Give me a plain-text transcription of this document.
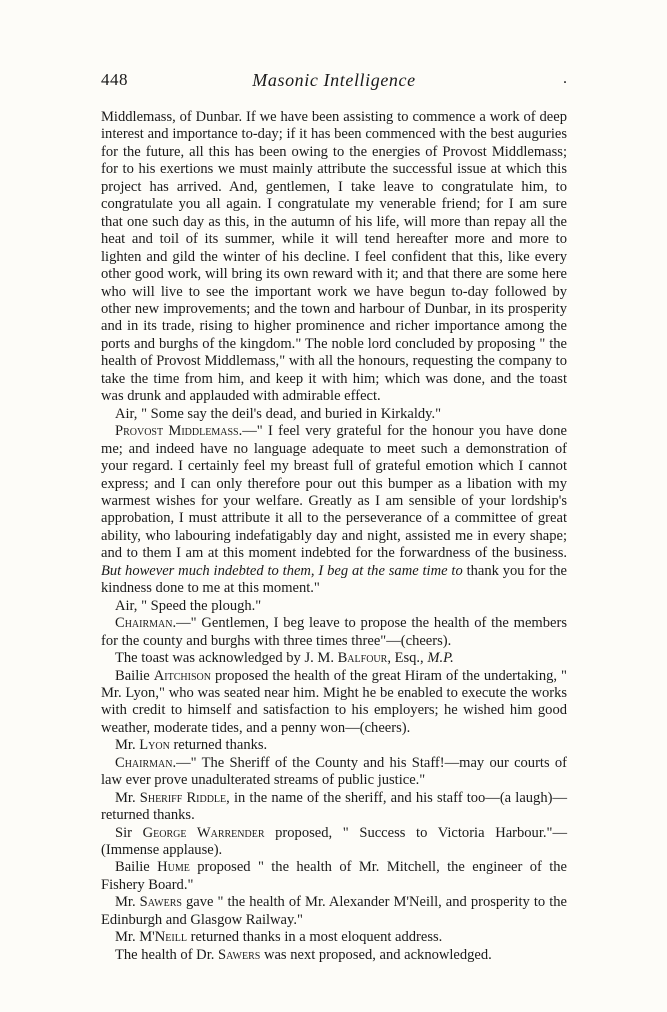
448	Masonic Intelligence	.

Middlemass, of Dunbar. If we have been assisting to commence a work of deep interest and importance to-day; if it has been commenced with the best auguries for the future, all this has been owing to the energies of Provost Middlemass; for to his exertions we must mainly attribute the successful issue at which this project has arrived. And, gentlemen, I take leave to congratulate him, to congratulate you all again. I congratulate my venerable friend; for I am sure that one such day as this, in the autumn of his life, will more than repay all the heat and toil of its summer, while it will tend hereafter more and more to lighten and gild the winter of his decline. I feel confident that this, like every other good work, will bring its own reward with it; and that there are some here who will live to see the important work we have begun to-day followed by other new improvements; and the town and harbour of Dunbar, in its prosperity and in its trade, rising to higher prominence and richer importance among the ports and burghs of the kingdom." The noble lord concluded by proposing " the health of Provost Middlemass," with all the honours, requesting the company to take the time from him, and keep it with him; which was done, and the toast was drunk and applauded with admirable effect.

Air, " Some say the deil's dead, and buried in Kirkaldy."

Provost Middlemass.—" I feel very grateful for the honour you have done me; and indeed have no language adequate to meet such a demonstration of your regard. I certainly feel my breast full of grateful emotion which I cannot express; and I can only therefore pour out this bumper as a libation with my warmest wishes for your welfare. Greatly as I am sensible of your lordship's approbation, I must attribute it all to the perseverance of a committee of great ability, who labouring indefatigably day and night, assisted me in every shape; and to them I am at this moment indebted for the forwardness of the business. But however much indebted to them, I beg at the same time to thank you for the kindness done to me at this moment."

Air, " Speed the plough."

Chairman.—" Gentlemen, I beg leave to propose the health of the members for the county and burghs with three times three"—(cheers).

The toast was acknowledged by J. M. Balfour, Esq., M.P.

Bailie Aitchison proposed the health of the great Hiram of the undertaking, " Mr. Lyon," who was seated near him. Might he be enabled to execute the works with credit to himself and satisfaction to his employers; he wished him good weather, moderate tides, and a penny won—(cheers).

Mr. Lyon returned thanks.

Chairman.—" The Sheriff of the County and his Staff!—may our courts of law ever prove unadulterated streams of public justice."

Mr. Sheriff Riddle, in the name of the sheriff, and his staff too—(a laugh)—returned thanks.

Sir George Warrender proposed, " Success to Victoria Harbour."—(Immense applause).

Bailie Hume proposed " the health of Mr. Mitchell, the engineer of the Fishery Board."

Mr. Sawers gave " the health of Mr. Alexander M'Neill, and prosperity to the Edinburgh and Glasgow Railway."

Mr. M'Neill returned thanks in a most eloquent address.

The health of Dr. Sawers was next proposed, and acknowledged.
